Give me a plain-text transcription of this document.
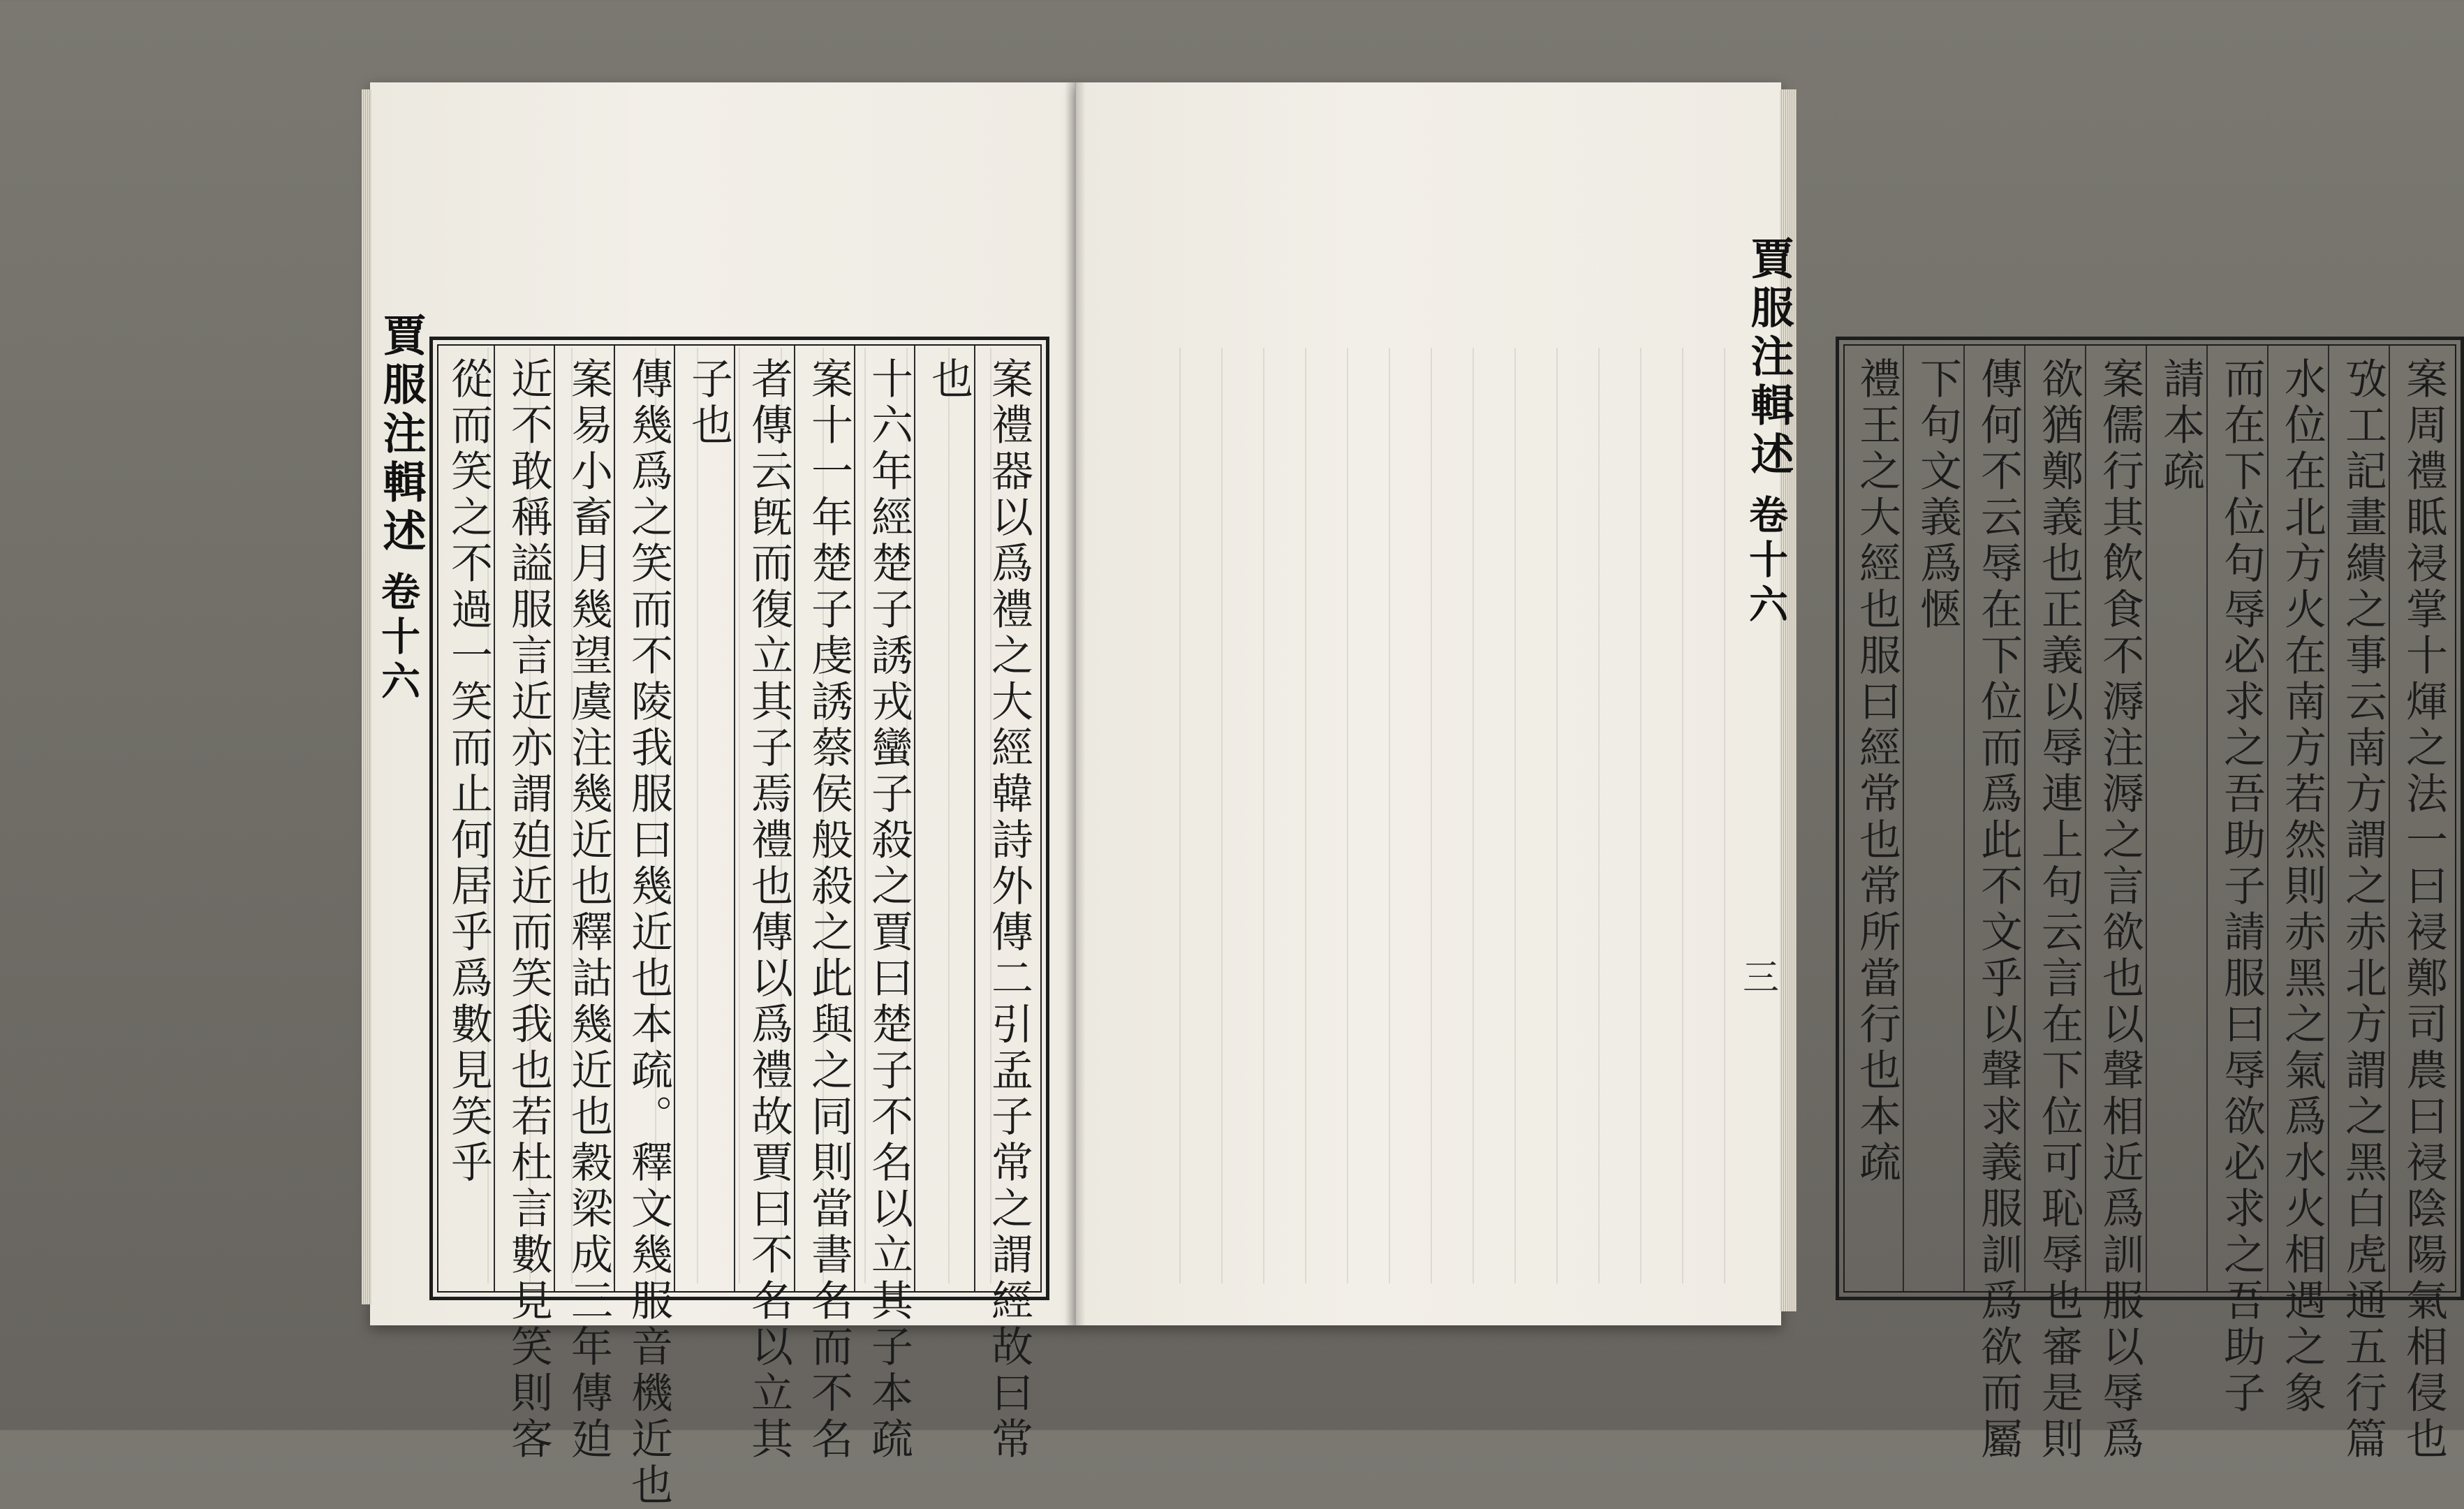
賈服注輯述
卷十六	案禮器以爲禮之大經韓詩外傳二引孟子常之謂經故曰常
也
十六年經楚子誘戎蠻子殺之賈曰楚子不名以立其子本疏
案十一年楚子虔誘蔡侯般殺之此與之同則當書名而不名
者傳云旣而復立其子焉禮也傳以爲禮故賈曰不名以立其
子也
傳幾爲之笑而不陵我服曰幾近也本疏。釋文幾服音機近也
案易小畜月幾望虞注幾近也釋詁幾近也穀梁成三年傳廹
近不敢稱謚服言近亦謂廹近而笑我也若杜言數見笑則客
從而笑之不過一笑而止何居乎爲數見笑乎	賈服注輯述
卷十六
三	案周禮眡祲掌十煇之法一曰祲鄭司農曰祲陰陽氣相侵也
攷工記畫繢之事云南方謂之赤北方謂之黑白虎通五行篇
水位在北方火在南方若然則赤黑之氣爲水火相遇之象
而在下位句辱必求之吾助子請服曰辱欲必求之吾助子
請本疏
案儒行其飲食不溽注溽之言欲也以聲相近爲訓服以辱爲
欲猶鄭義也正義以辱連上句云言在下位可恥辱也審是則
傳何不云辱在下位而爲此不文乎以聲求義服訓爲欲而屬
下句文義爲愜
禮王之大經也服曰經常也常所當行也本疏
